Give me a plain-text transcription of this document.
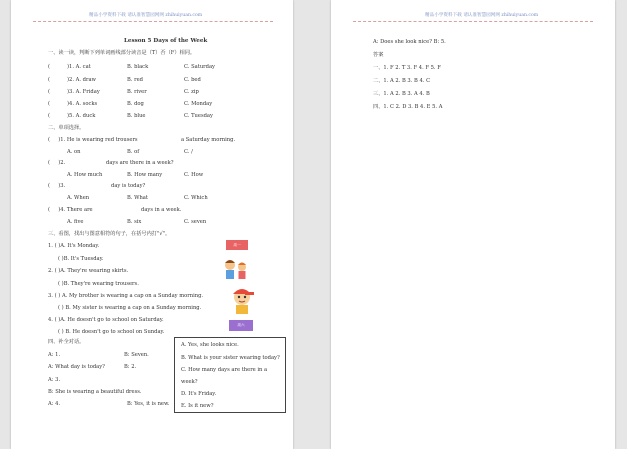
精品小学资料下载 请认准智慧园网网 zhihuiyuan.com
Lesson 5 Days of the Week
一、读一读，判断下列单词画线部分读音是（T）否（F）相同。
(	)1. A. cat	B. black	C. Saturday
(	)2. A. draw	B. red	C. bed
(	)3. A. Friday	B. river	C. zip
(	)4. A. socks	B. dog	C. Monday
(	)5. A. duck	B. blue	C. Tuesday
二、单项选择。
(     )1. He is wearing red trousers	a Saturday morning.
A. on	B. of	C. /
(     )2.	days are there in a week?
A. How much	B. How many	C. How
(     )3.	day is today?
A. When	B. What	C. Which
(     )4. There are	days in a week.
A. five	B. six	C. seven
三、看图，找出与图意相符的句子，在括号内打"√"。
1. ( )A. It's Monday.
( )B. It's Tuesday.
2. ( )A. They're wearing skirts.
( )B. They're wearing trousers.
3. ( ) A. My brother is wearing a cap on a Sunday morning.
( ) B. My sister is wearing a cap on a Sunday morning.
4. ( )A. He doesn't go to school on Saturday.
( ) B. He doesn't go to school on Sunday.
周一
周六
四、补全对话。
A: 1.	B: Seven.
A: What day is today?	B: 2.
A: 3.
B: She is wearing a beautiful dress.
A: 4.	B: Yes, it is new.
A. Yes, she looks nice.
B. What is your sister wearing today?
C. How many days are there in a
week?
D. It's Friday.
E. Is it new?
精品小学资料下载 请认准智慧园网网 zhihuiyuan.com
A: Does she look nice? B: 5.
答案
一、1. F 2. T 3. F 4. F 5. F
二、1. A 2. B 3. B 4. C
三、1. A 2. B 3. A 4. B
四、1. C 2. D 3. B 4. E 5. A
